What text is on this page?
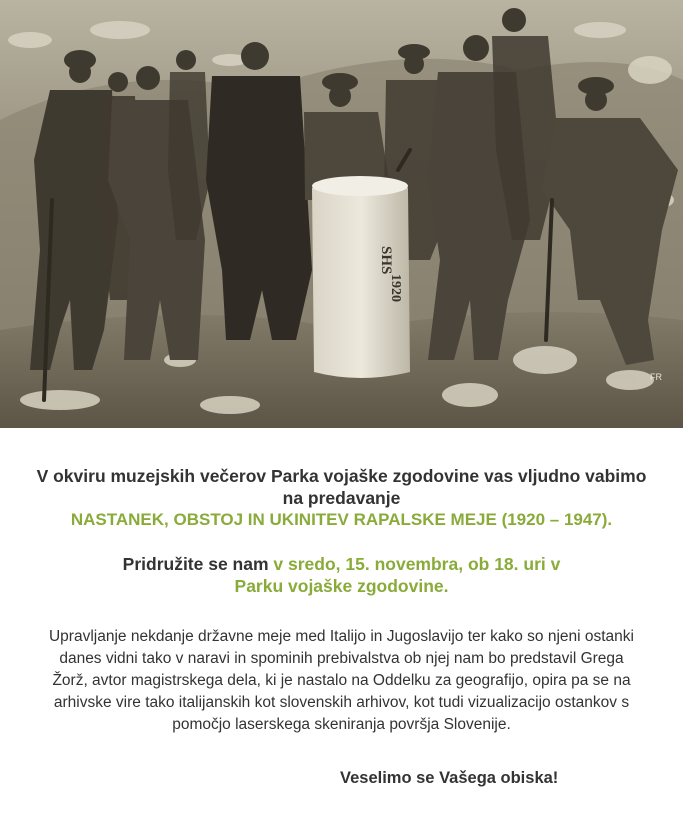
SHS
1920
FR
V okviru muzejskih večerov Parka vojaške zgodovine vas vljudno vabimo na predavanje
NASTANEK, OBSTOJ IN UKINITEV RAPALSKE MEJE (1920 – 1947).
Pridružite se nam v sredo, 15. novembra, ob 18. uri v
Parku vojaške zgodovine.
Upravljanje nekdanje državne meje med Italijo in Jugoslavijo ter kako so njeni ostanki danes vidni tako v naravi in spominih prebivalstva ob njej nam bo predstavil Grega Žorž, avtor magistrskega dela, ki je nastalo na Oddelku za geografijo, opira pa se na arhivske vire tako italijanskih kot slovenskih arhivov, kot tudi vizualizacijo ostankov s pomočjo laserskega skeniranja površja Slovenije.
Veselimo se Vašega obiska!
